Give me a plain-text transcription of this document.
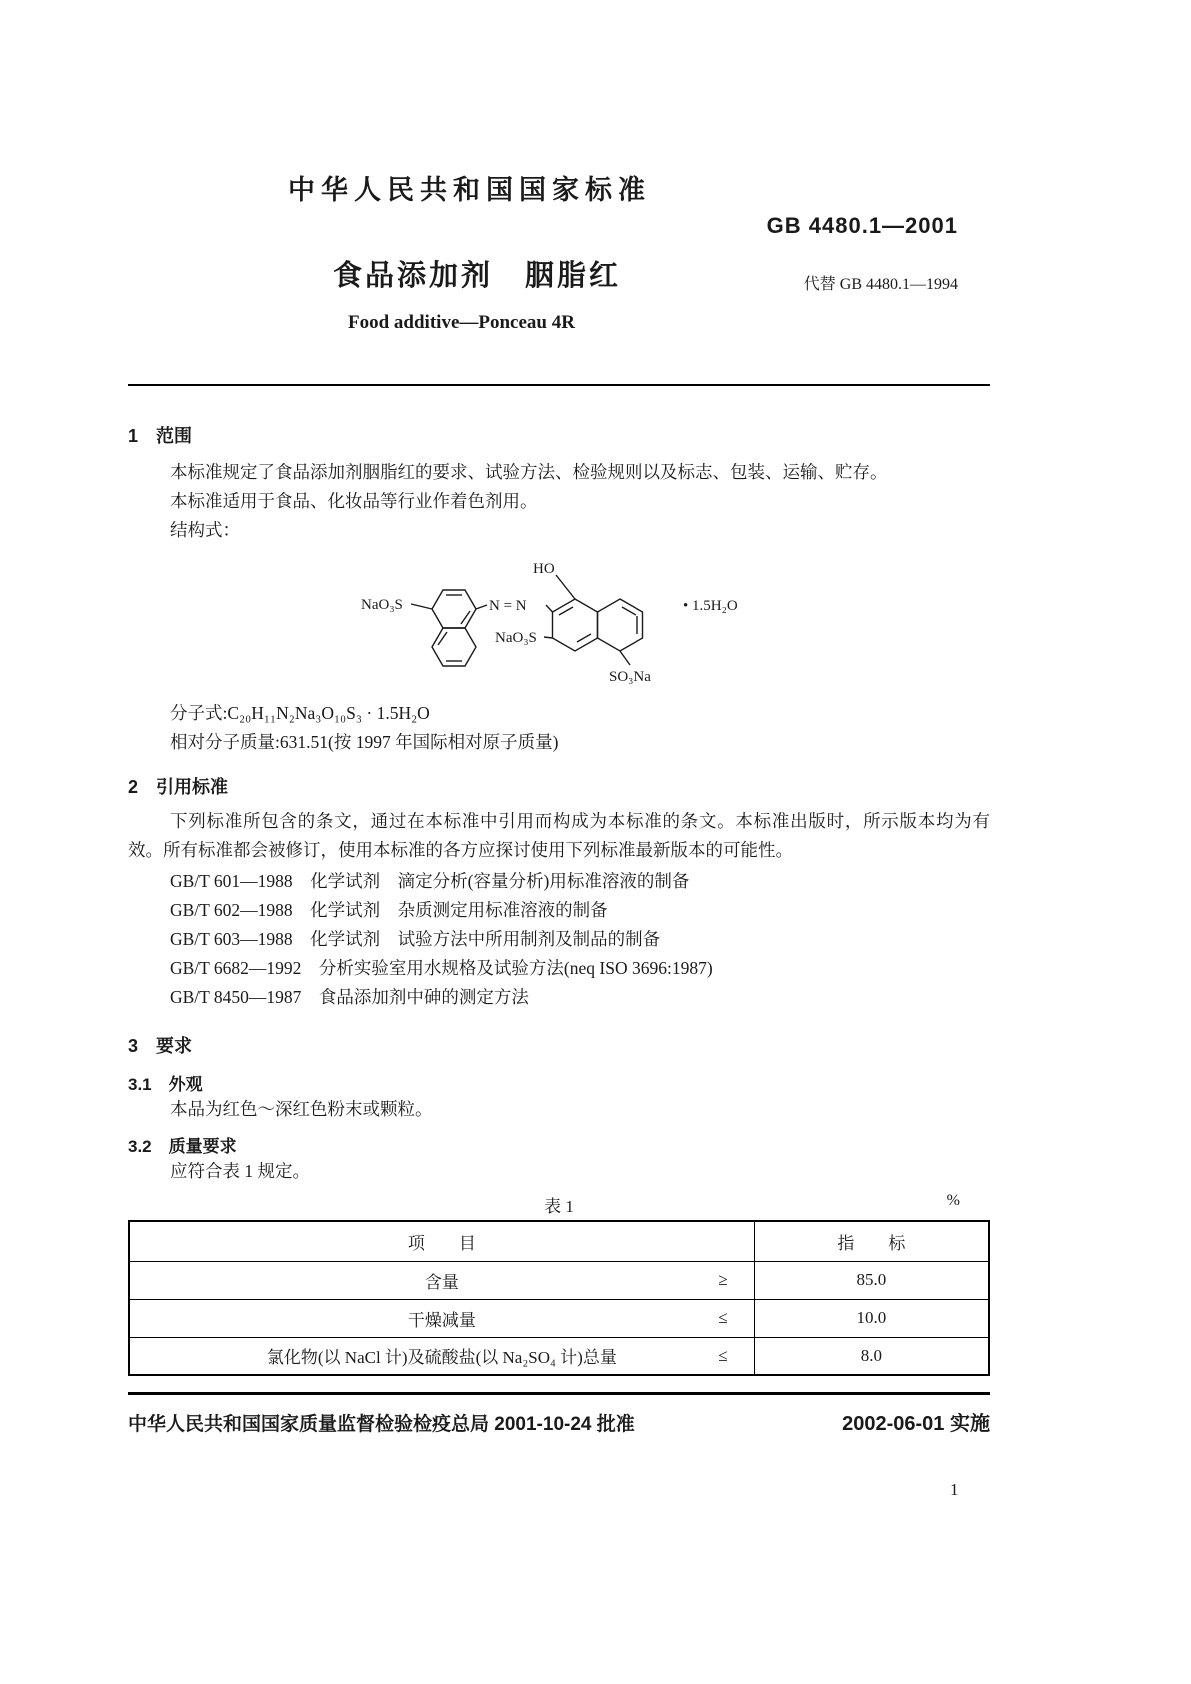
中华人民共和国国家标准
GB 4480.1—2001
食品添加剂　胭脂红	代替 GB 4480.1—1994
Food additive—Ponceau 4R
1　范围
本标准规定了食品添加剂胭脂红的要求、试验方法、检验规则以及标志、包装、运输、贮存。
本标准适用于食品、化妆品等行业作着色剂用。
结构式：
NaO₃S	N = N
HO
NaO₃S
SO₃Na
• 1.5H₂O
分子式:C₂₀H₁₁N₂Na₃O₁₀S₃ · 1.5H₂O
相对分子质量:631.51(按 1997 年国际相对原子质量)
2　引用标准
下列标准所包含的条文，通过在本标准中引用而构成为本标准的条文。本标准出版时，所示版本均为有效。所有标准都会被修订，使用本标准的各方应探讨使用下列标准最新版本的可能性。
GB/T 601—1988　化学试剂　滴定分析(容量分析)用标准溶液的制备
GB/T 602—1988　化学试剂　杂质测定用标准溶液的制备
GB/T 603—1988　化学试剂　试验方法中所用制剂及制品的制备
GB/T 6682—1992　分析实验室用水规格及试验方法(neq ISO 3696:1987)
GB/T 8450—1987　食品添加剂中砷的测定方法
3　要求
3.1　外观
本品为红色～深红色粉末或颗粒。
3.2　质量要求
应符合表 1 规定。
表 1	%
项　　目	指　　标
含量 ≥	85.0
干燥减量 ≤	10.0
氯化物(以 NaCl 计)及硫酸盐(以 Na₂SO₄ 计)总量 ≤	8.0
中华人民共和国国家质量监督检验检疫总局 2001-10-24 批准	2002-06-01 实施
1
